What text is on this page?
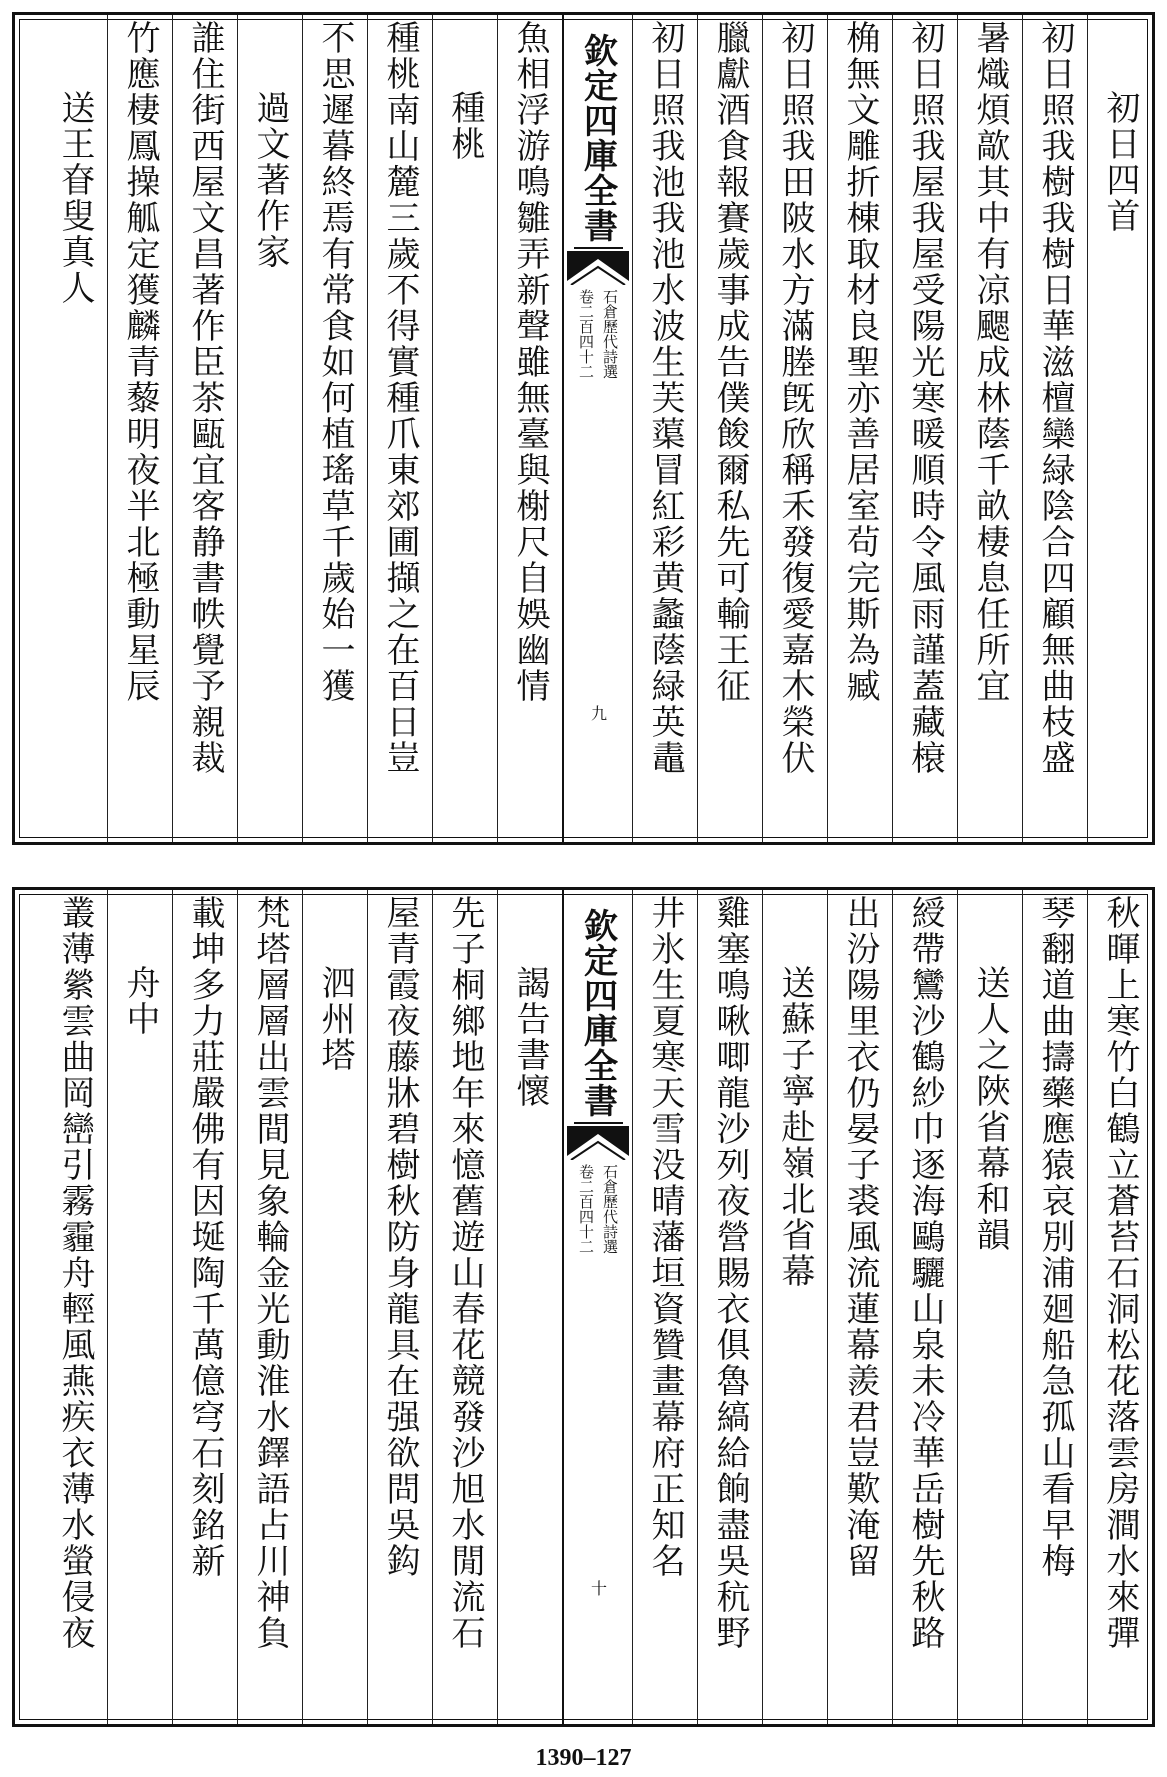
初日四首
初日照我樹我樹日華滋檀欒緑陰合四顧無曲枝盛
暑熾煩歊其中有凉颸成林蔭千畝棲息任所宜
初日照我屋我屋受陽光寒暖順時令風雨謹蓋藏榱
桷無文雕折棟取材良聖亦善居室茍完斯為臧
初日照我田陂水方滿塍旣欣稱禾發復愛嘉木榮伏
臘獻酒食報賽歲事成告僕餕爾私先可輸王征
初日照我池我池水波生芙蕖冒紅彩黄蠡蔭緑英鼃
欽定四庫全書
石倉歷代詩選
卷二百四十二
九
魚相浮游鳴雛弄新聲雖無臺與榭尺自娛幽情
種桃
種桃南山麓三歲不得實種爪東郊圃擷之在百日豈
不思遲暮終焉有常食如何植瑤草千歲始一獲
過文著作家
誰住街西屋文昌著作臣茶甌宜客静書帙覺予親裁
竹應棲鳳操觚定獲麟青藜明夜半北極動星辰
送王眘叟真人
秋暉上寒竹白鶴立蒼苔石洞松花落雲房澗水來彈
琴翻道曲擣藥應猿哀別浦廻船急孤山看早梅
送人之陜省幕和韻
綬帶鸞沙鶴紗巾逐海鷗驪山泉未冷華岳樹先秋路
出汾陽里衣仍晏子裘風流蓮幕羨君豈歎淹留
送蘇子寧赴嶺北省幕
雞塞鳴啾唧龍沙列夜營賜衣俱魯縞給餉盡吳秔野
井氷生夏寒天雪没晴藩垣資贊畫幕府正知名
欽定四庫全書
石倉歷代詩選
卷二百四十二
十
謁告書懷
先子桐鄉地年來憶舊遊山春花競發沙旭水閒流石
屋青霞夜藤牀碧樹秋防身龍具在强欲問吳鈎
泗州塔
梵塔層層出雲間見象輪金光動淮水鐸語占川神負
載坤多力莊嚴佛有因埏陶千萬億穹石刻銘新
舟中
叢薄縈雲曲岡巒引霧霾舟輕風燕疾衣薄水螢侵夜
1390–127
